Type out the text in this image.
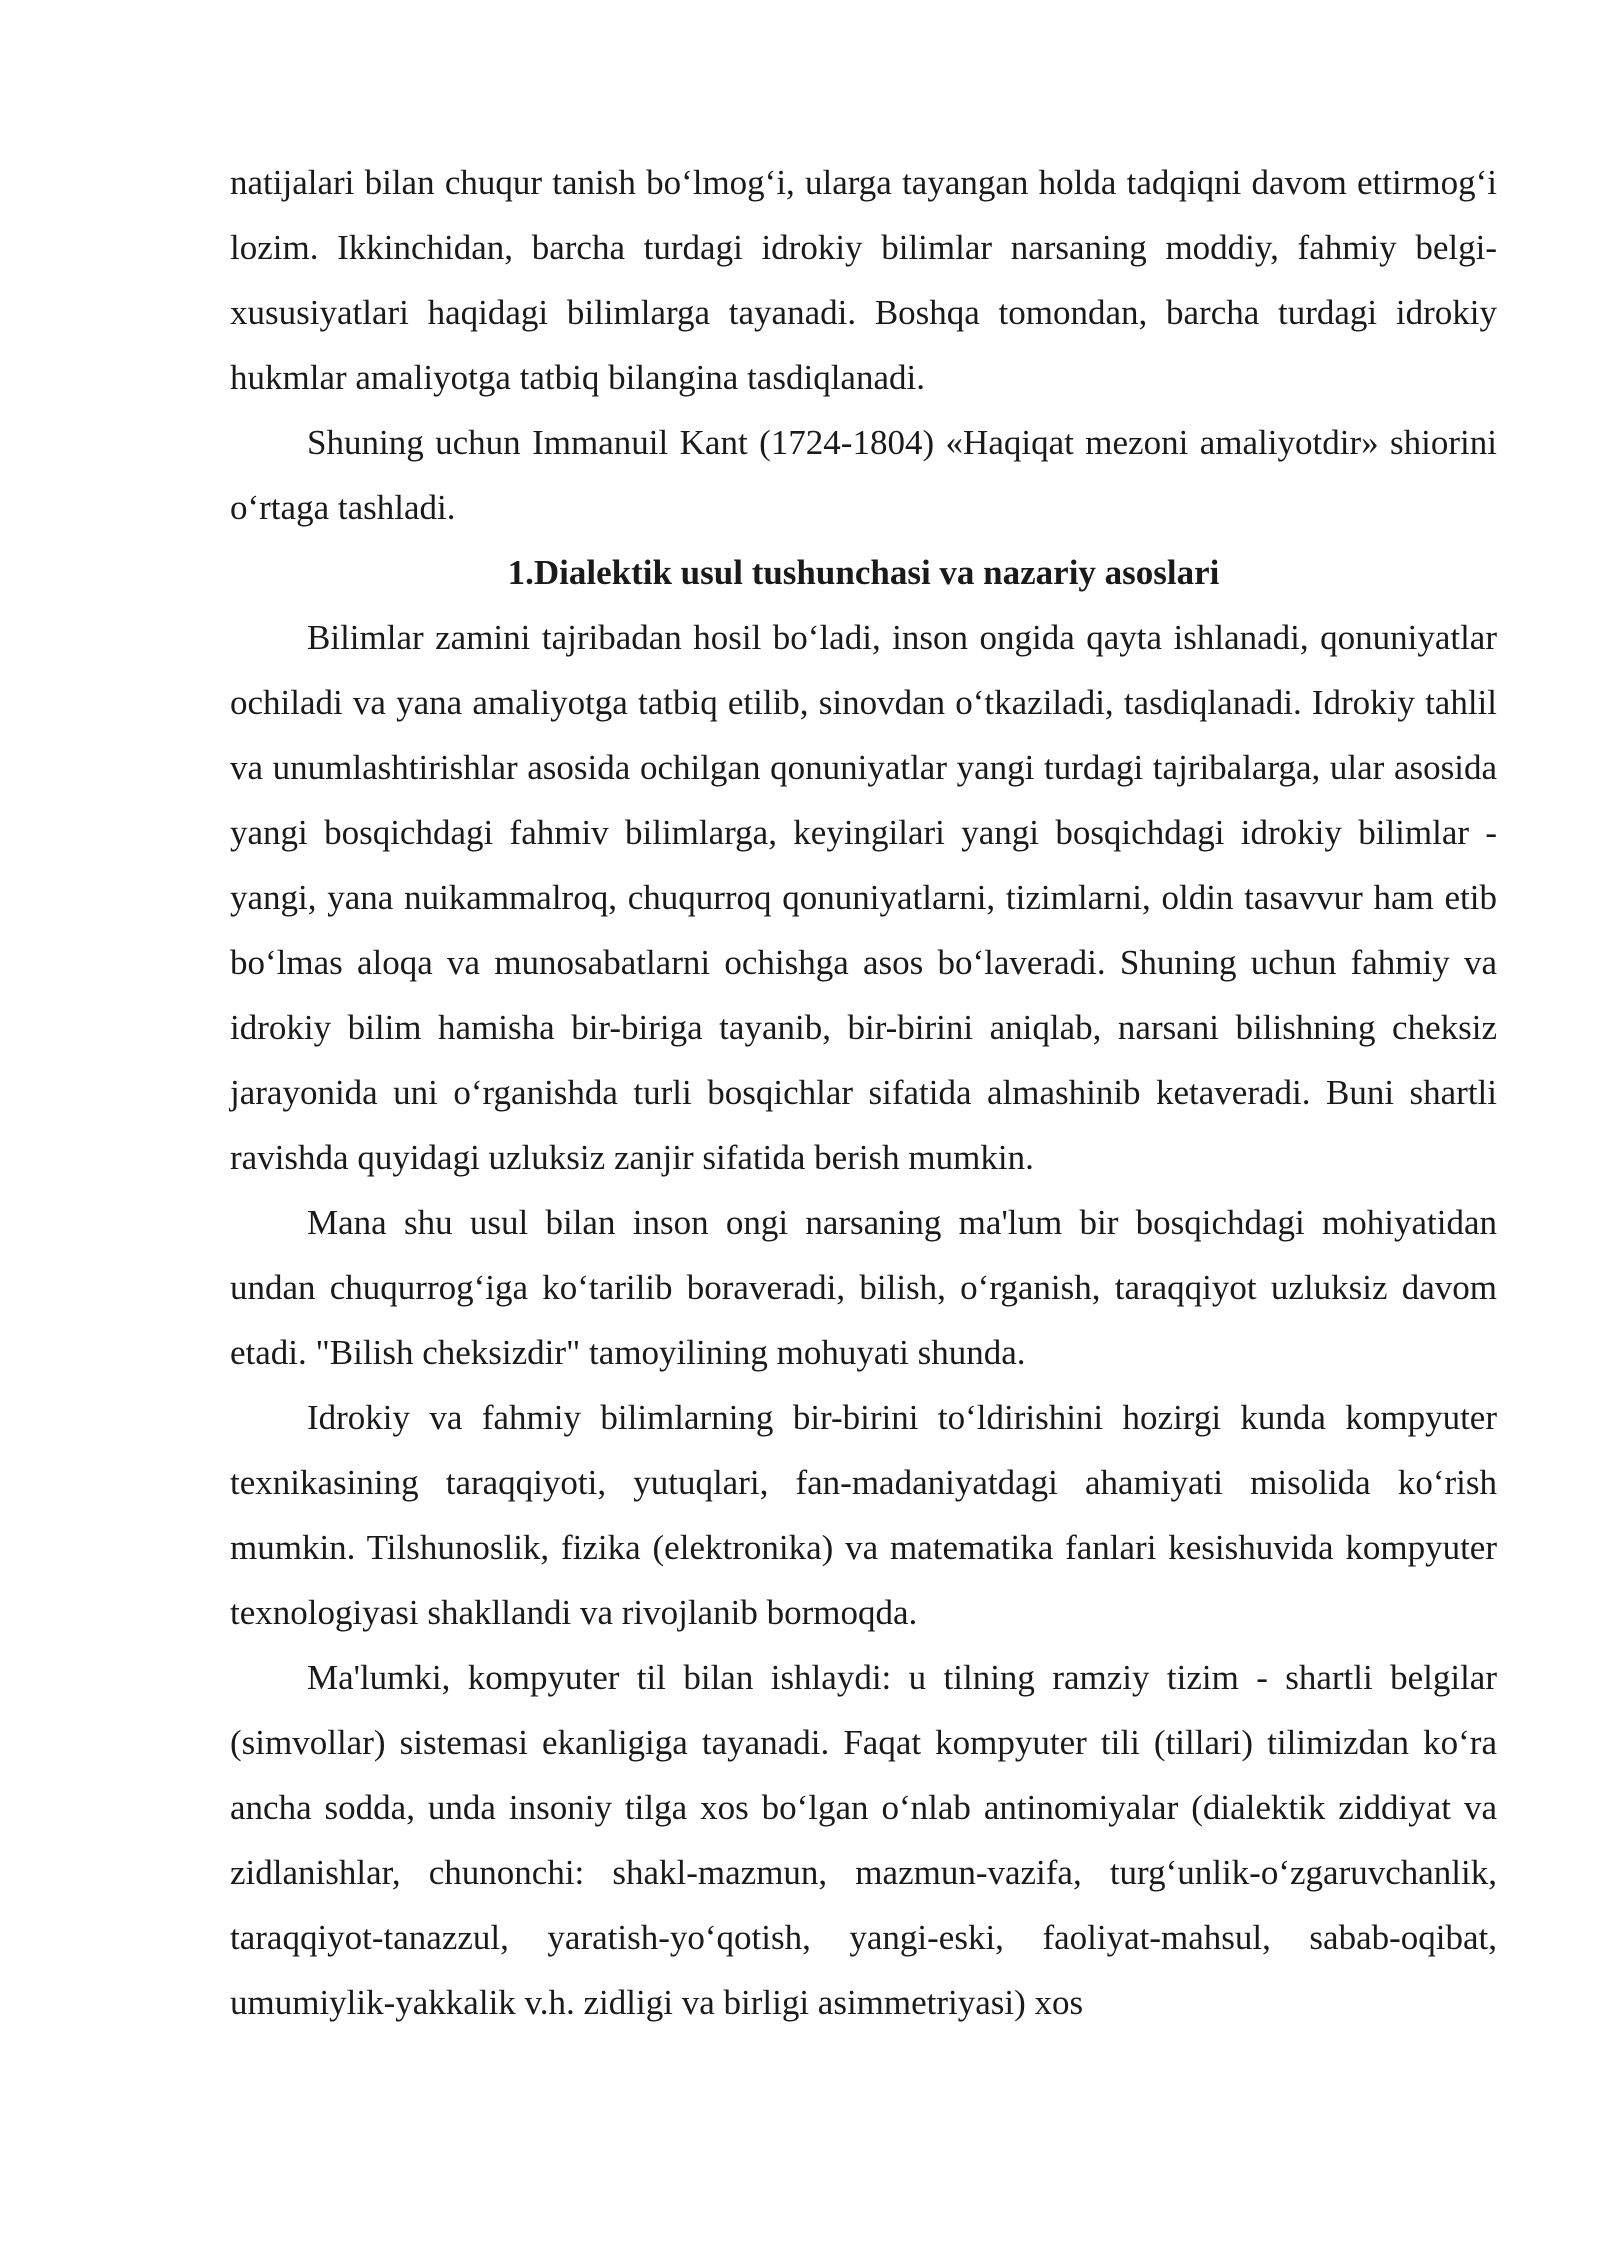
natijalari bilan chuqur tanish bo‘lmog‘i, ularga tayangan holda tadqiqni davom ettirmog‘i lozim. Ikkinchidan, barcha turdagi idrokiy bilimlar narsaning moddiy, fahmiy belgi-xususiyatlari haqidagi bilimlarga tayanadi. Boshqa tomondan, barcha turdagi idrokiy hukmlar amaliyotga tatbiq bilangina tasdiqlanadi.

Shuning uchun Immanuil Kant (1724-1804) «Haqiqat mezoni amaliyotdir» shiorini o‘rtaga tashladi.

1.Dialektik usul tushunchasi va nazariy asoslari

Bilimlar zamini tajribadan hosil bo‘ladi, inson ongida qayta ishlanadi, qonuniyatlar ochiladi va yana amaliyotga tatbiq etilib, sinovdan o‘tkaziladi, tasdiqlanadi. Idrokiy tahlil va unumlashtirishlar asosida ochilgan qonuniyatlar yangi turdagi tajribalarga, ular asosida yangi bosqichdagi fahmiv bilimlarga, keyingilari yangi bosqichdagi idrokiy bilimlar - yangi, yana nuikammalroq, chuqurroq qonuniyatlarni, tizimlarni, oldin tasavvur ham etib bo‘lmas aloqa va munosabatlarni ochishga asos bo‘laveradi. Shuning uchun fahmiy va idrokiy bilim hamisha bir-biriga tayanib, bir-birini aniqlab, narsani bilishning cheksiz jarayonida uni o‘rganishda turli bosqichlar sifatida almashinib ketaveradi. Buni shartli ravishda quyidagi uzluksiz zanjir sifatida berish mumkin.

Mana shu usul bilan inson ongi narsaning ma'lum bir bosqichdagi mohiyatidan undan chuqurrog‘iga ko‘tarilib boraveradi, bilish, o‘rganish, taraqqiyot uzluksiz davom etadi. "Bilish cheksizdir" tamoyilining mohuyati shunda.

Idrokiy va fahmiy bilimlarning bir-birini to‘ldirishini hozirgi kunda kompyuter texnikasining taraqqiyoti, yutuqlari, fan-madaniyatdagi ahamiyati misolida ko‘rish mumkin. Tilshunoslik, fizika (elektronika) va matematika fanlari kesishuvida kompyuter texnologiyasi shakllandi va rivojlanib bormoqda.

Ma'lumki, kompyuter til bilan ishlaydi: u tilning ramziy tizim - shartli belgilar (simvollar) sistemasi ekanligiga tayanadi. Faqat kompyuter tili (tillari) tilimizdan ko‘ra ancha sodda, unda insoniy tilga xos bo‘lgan o‘nlab antinomiyalar (dialektik ziddiyat va zidlanishlar, chunonchi: shakl-mazmun, mazmun-vazifa, turg‘unlik-o‘zgaruvchanlik, taraqqiyot-tanazzul, yaratish-yo‘qotish, yangi-eski, faoliyat-mahsul, sabab-oqibat, umumiylik-yakkalik v.h. zidligi va birligi asimmetriyasi) xos
